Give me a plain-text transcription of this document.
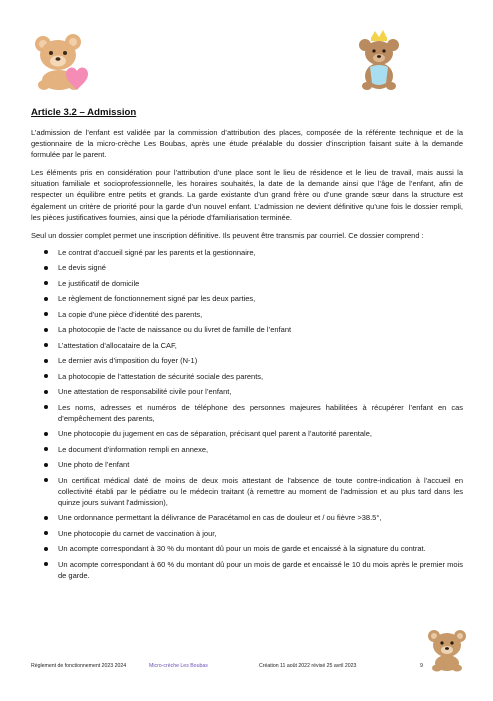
Article 3.2 – Admission

L’admission de l’enfant est validée par la commission d’attribution des places, composée de la référente technique et de la gestionnaire de la micro-crèche Les Boubas, après une étude préalable du dossier d’inscription faisant suite à la demande formulée par le parent.

Les éléments pris en considération pour l’attribution d’une place sont le lieu de résidence et le lieu de travail, mais aussi la situation familiale et socioprofessionnelle, les horaires souhaités, la date de la demande ainsi que l’âge de l’enfant, afin de respecter un équilibre entre petits et grands. La garde existante d’un grand frère ou d’une grande sœur dans la structure est également un critère de priorité pour la garde d’un nouvel enfant. L’admission ne devient définitive qu’une fois le dossier rempli, les pièces justificatives fournies, ainsi que la période d’familiarisation terminée.

Seul un dossier complet permet une inscription définitive. Ils peuvent être transmis par courriel. Ce dossier comprend :

Le contrat d’accueil signé par les parents et la gestionnaire,
Le devis signé
Le justificatif de domicile
Le règlement de fonctionnement signé par les deux parties,
La copie d’une pièce d’identité des parents,
La photocopie de l’acte de naissance ou du livret de famille de l’enfant
L’attestation d’allocataire de la CAF,
Le dernier avis d’imposition du foyer (N-1)
La photocopie de l’attestation de sécurité sociale des parents,
Une attestation de responsabilité civile pour l’enfant,
Les noms, adresses et numéros de téléphone des personnes majeures habilitées à récupérer l’enfant en cas d’empêchement des parents,
Une photocopie du jugement en cas de séparation, précisant quel parent a l’autorité parentale,
Le document d’information rempli en annexe,
Une photo de l’enfant
Un certificat médical daté de moins de deux mois attestant de l'absence de toute contre-indication à l'accueil en collectivité établi par le pédiatre ou le médecin traitant (à remettre au moment de l'admission et au plus tard dans les quinze jours suivant l'admission),
Une ordonnance permettant la délivrance de Paracétamol en cas de douleur et / ou fièvre >38.5°,
Une photocopie du carnet de vaccination à jour,
Un acompte correspondant à 30 % du montant dû pour un mois de garde et encaissé à la signature du contrat.
Un acompte correspondant à 60 % du montant dû pour un mois de garde et encaissé le 10 du mois après le premier mois de garde.
Règlement de fonctionnement 2023 2024	Micro-crèche Les Boubas	Création 11 août 2022 révisé 25 avril 2023	9
